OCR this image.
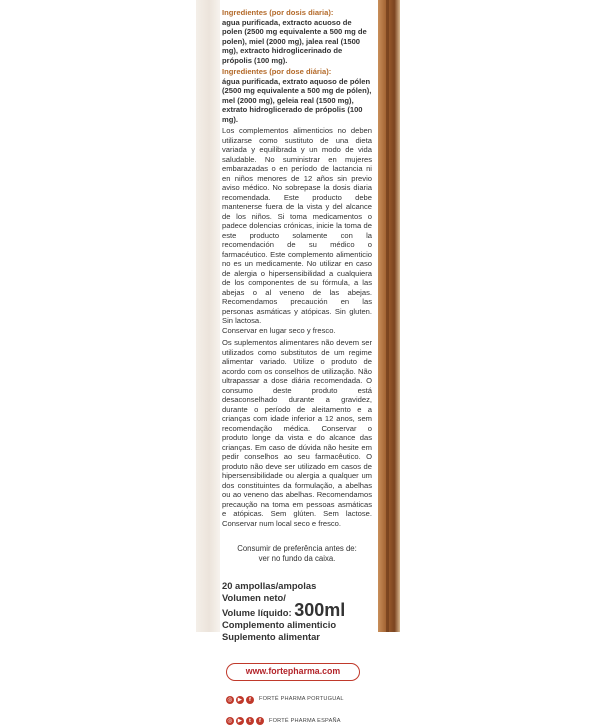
Ingredientes (por dosis diaria):

agua purificada, extracto acuoso de polen (2500 mg equivalente a 500 mg de polen), miel (2000 mg), jalea real (1500 mg), extracto hidroglicerinado de própolis (100 mg).

Ingredientes (por dose diária):

água purificada, extrato aquoso de pólen (2500 mg equivalente a 500 mg de pólen), mel (2000 mg), geleia real (1500 mg), extrato hidroglicerado de própolis (100 mg).

Los complementos alimenticios no deben utilizarse como sustituto de una dieta variada y equilibrada y un modo de vida saludable. No suministrar en mujeres embarazadas o en período de lactancia ni en niños menores de 12 años sin previo aviso médico. No sobrepase la dosis diaria recomendada. Este producto debe mantenerse fuera de la vista y del alcance de los niños. Si toma medicamentos o padece dolencias crónicas, inicie la toma de este producto solamente con la recomendación de su médico o farmacéutico. Este complemento alimenticio no es un medicamente. No utilizar en caso de alergia o hipersensibilidad a cualquiera de los componentes de su fórmula, a las abejas o al veneno de las abejas. Recomendamos precaución en las personas asmáticas y atópicas. Sin gluten. Sin lactosa.

Conservar en lugar seco y fresco.

Os suplementos alimentares não devem ser utilizados como substitutos de um regime alimentar variado. Utilize o produto de acordo com os conselhos de utilização. Não ultrapassar a dose diária recomendada. O consumo deste produto está desaconselhado durante a gravidez, durante o período de aleitamento e a crianças com idade inferior a 12 anos, sem recomendação médica. Conservar o produto longe da vista e do alcance das crianças. Em caso de dúvida não hesite em pedir conselhos ao seu farmacêutico. O produto não deve ser utilizado em casos de hipersensibilidade ou alergia a qualquer um dos constituintes da formulação, a abelhas ou ao veneno das abelhas. Recomendamos precaução na toma em pessoas asmáticas e atópicas. Sem glúten. Sem lactose. Conservar num local seco e fresco.

Consumir de preferência antes de:

ver no fundo da caixa.

20 ampollas/ampolas

Volumen neto/

Volume líquido: 300ml

Complemento alimenticio

Suplemento alimentar

www.fortepharma.com
◎ ▶	f	FORTÉ PHARMA PORTUGUAL
◎ ▶	t	f	FORTÉ PHARMA ESPAÑA
